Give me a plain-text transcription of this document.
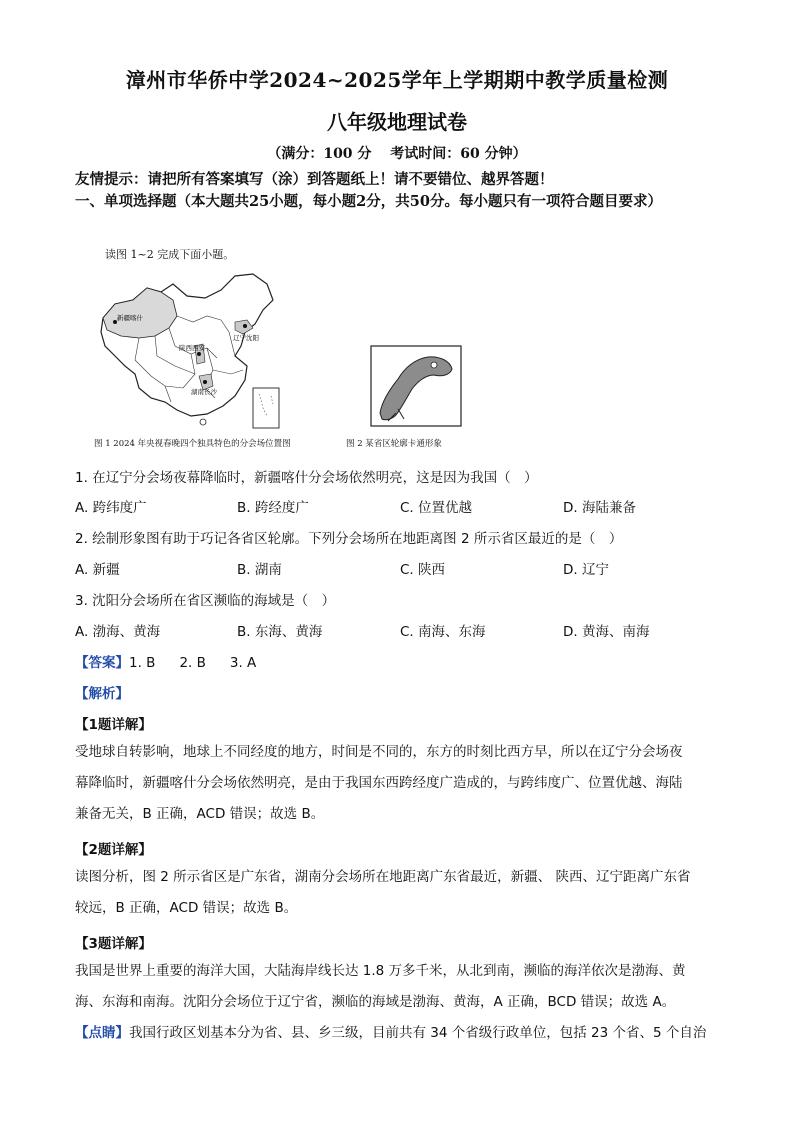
漳州市华侨中学2024~2025学年上学期期中教学质量检测
八年级地理试卷
（满分：100 分　 考试时间：60 分钟）
友情提示：请把所有答案填写（涂）到答题纸上！请不要错位、越界答题！
一、单项选择题（本大题共25小题，每小题2分，共50分。每小题只有一项符合题目要求）
读图 1~2 完成下面小题。
新疆喀什
辽宁沈阳
陕西西安
湖南长沙
图 1 2024 年央视春晚四个独具特色的分会场位置图	图 2 某省区轮廓卡通形象
1. 在辽宁分会场夜幕降临时，新疆喀什分会场依然明亮，这是因为我国（　）
A. 跨纬度广	B. 跨经度广	C. 位置优越	D. 海陆兼备
2. 绘制形象图有助于巧记各省区轮廓。下列分会场所在地距离图 2 所示省区最近的是（　）
A. 新疆	B. 湖南	C. 陕西	D. 辽宁
3. 沈阳分会场所在省区濒临的海域是（　）
A. 渤海、黄海	B. 东海、黄海	C. 南海、东海	D. 黄海、南海
【答案】1. B 2. B 3. A
【解析】
【1题详解】
受地球自转影响，地球上不同经度的地方，时间是不同的，东方的时刻比西方早，所以在辽宁分会场夜
幕降临时，新疆喀什分会场依然明亮，是由于我国东西跨经度广造成的，与跨纬度广、位置优越、海陆
兼备无关，B 正确，ACD 错误；故选 B。
【2题详解】
读图分析，图 2 所示省区是广东省，湖南分会场所在地距离广东省最近，新疆、 陕西、辽宁距离广东省
较远，B 正确，ACD 错误；故选 B。
【3题详解】
我国是世界上重要的海洋大国，大陆海岸线长达 1.8 万多千米，从北到南，濒临的海洋依次是渤海、黄
海、东海和南海。沈阳分会场位于辽宁省，濒临的海域是渤海、黄海，A 正确，BCD 错误；故选 A。
【点睛】我国行政区划基本分为省、县、乡三级，目前共有 34 个省级行政单位，包括 23 个省、5 个自治
